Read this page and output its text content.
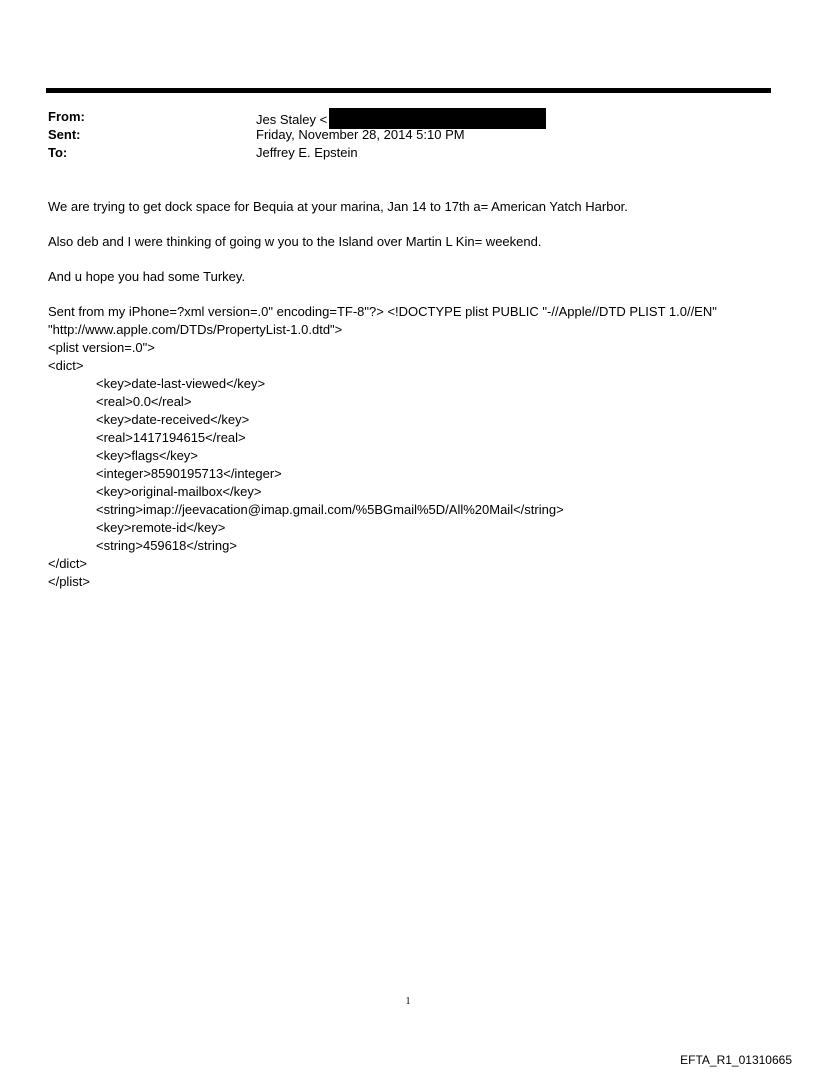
From:	Jes Staley <
Sent:	Friday, November 28, 2014 5:10 PM
To:	Jeffrey E. Epstein

We are trying to get dock space for Bequia at your marina, Jan 14 to 17th a= American Yatch Harbor.

Also deb and I were thinking of going w you to the Island over Martin L Kin= weekend.

And u hope you had some Turkey.

Sent from my iPhone=?xml version=.0" encoding=TF-8"?> <!DOCTYPE plist PUBLIC "-//Apple//DTD PLIST 1.0//EN"

"http://www.apple.com/DTDs/PropertyList-1.0.dtd">

<plist version=.0">

<dict>

<key>date-last-viewed</key>

<real>0.0</real>

<key>date-received</key>

<real>1417194615</real>

<key>flags</key>

<integer>8590195713</integer>

<key>original-mailbox</key>

<string>imap://jeevacation@imap.gmail.com/%5BGmail%5D/All%20Mail</string>

<key>remote-id</key>

<string>459618</string>

</dict>

</plist>

1
EFTA_R1_01310665
